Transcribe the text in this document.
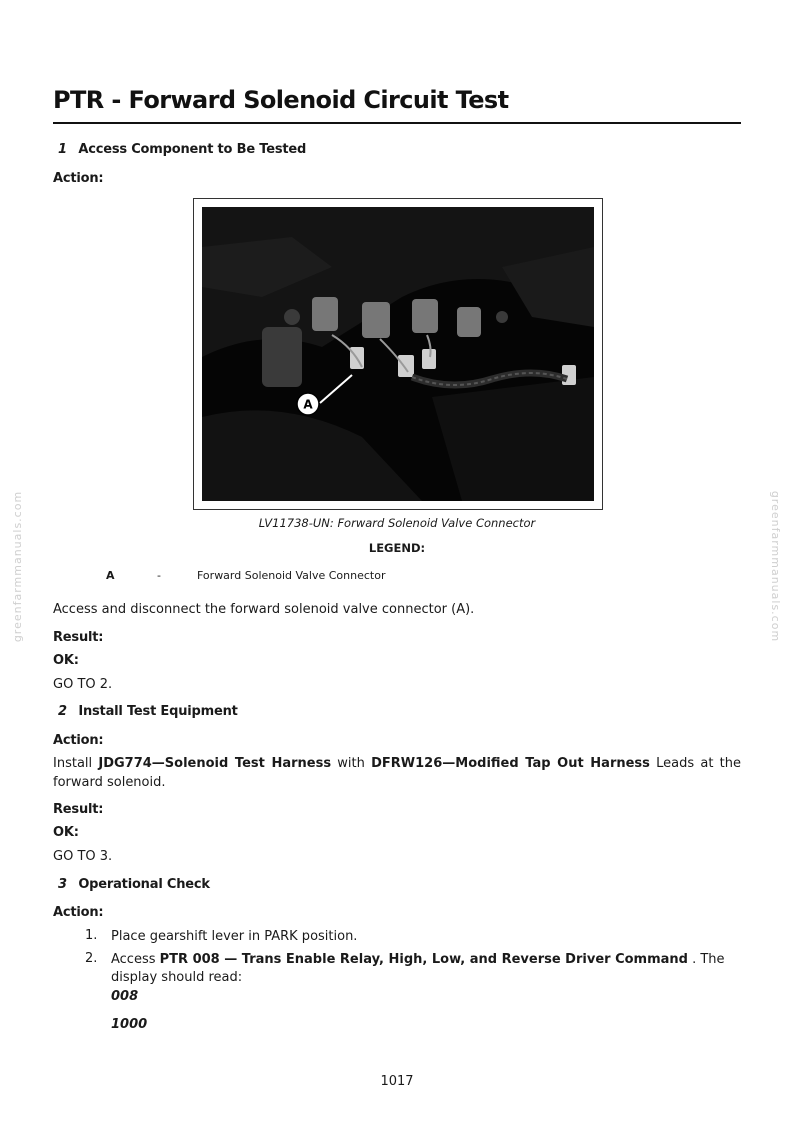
greenfarmmanuals.com	greenfarmmanuals.com
PTR - Forward Solenoid Circuit Test
1 Access Component to Be Tested
Action:
A
LV11738-UN: Forward Solenoid Valve Connector
LEGEND:
A	-	Forward Solenoid Valve Connector
Access and disconnect the forward solenoid valve connector (A).
Result:
OK:
GO TO 2.
2 Install Test Equipment
Action:
Install JDG774—Solenoid Test Harness with DFRW126—Modified Tap Out Harness Leads at the forward solenoid.
Result:
OK:
GO TO 3.
3 Operational Check
Action:
1. Place gearshift lever in PARK position.
2. Access PTR 008 — Trans Enable Relay, High, Low, and Reverse Driver Command . The display should read:
008
1000
1017
